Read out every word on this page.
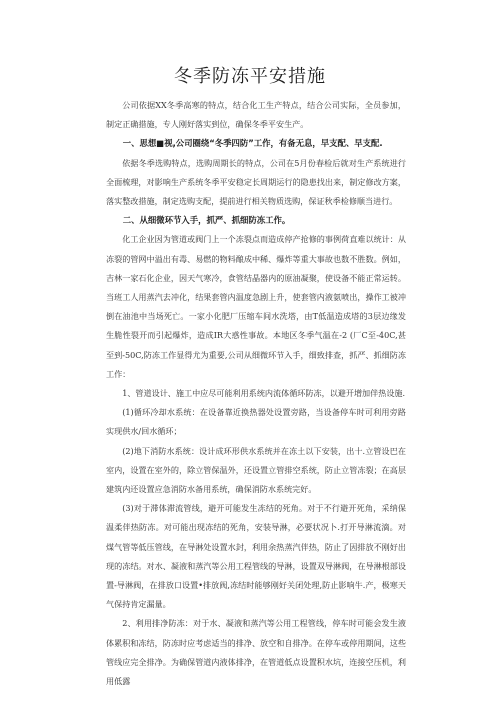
冬季防冻平安措施

公司依据XX冬季高寒的特点，结合化工生产特点，结合公司实际，全员参加，制定正确措施，专人刚好落实到位，确保冬季平安生产。

一、思想■视,公司圈绕“冬季四防”工作，有备无息，早支配、早支配.

依据冬季选购特点，选购周期长的特点，公司在5月份春检后就对生产系统进行全面梳理，对影响生产系统冬季平安稳定长周期运行的隐患找出来，制定修改方案，落实整改措施，制定选购支配，提前进行相关物质选购，保证秋季检修顺当进行。

二、从细微环节入手，抓严、抓细防冻工作。

化工企业因为管道或阀门上一个冻裂点而造成停产抢修的事例荷直难以统计：从冻裂的管网中溢出有毒、易燃的物料酿成中稀、爆炸等重大事故也数不胜数。例如，吉林一家石化企业，因天气寒冷，食管结晶器内的原油凝聚，使设备不能正常运转。当班工人用蒸汽去冲化，结果套管内温度急剧上升，使套管内液氨喷出，操作工被冲倒在油池中当场死亡。一家小化肥厂压缩车间水洗塔，由T低温造成塔的3层边缘发生脆性裂开而引起爆炸，造成IR大惑性事故。本地区冬季气温在-2 (厂C至-40C,甚至到-50C,防冻工作显得尤为重要,公司从细微环节入手，细致排查，抓严、抓细防冻工作：

1、管道设计、施工中应尽可能利用系统内流体循环防冻，以避开增加伴热设施.

(1)循环冷却水系统：在设备靠近换热器处设置旁路，当设备停车时可利用旁路实现供水/回水循环；

(2)地下消防水系统：设计成环形供水系统并在冻土以下安装，出十.立管设巴在室内，设置在室外的，除立管保温外，还设置立管排空系统，防止立管冻裂；在高层建筑内还设置应急消防水备用系统，确保消防水系统完好。

(3)对于滞体滞流管线，避开可能发生冻结的死角。对于不行避开死角，采纳保温柔伴热防冻。对可能出现冻结的死角，安装导淋，必要状况卜.打开导淋流滴。对煤气管等低压管线，在导淋处设置水封，利用余热蒸汽伴热，防止了因排放不刚好出现的冻结。对水、凝液和蒸汽等公用工程管线的导淋，设置双导淋阀，在导淋根部设置-导淋阀，在排放口设置•排放阀,冻结时能够刚好关闭处理,防止影响牛.产，极寒天气保持肯定漏量。

2、利用排净防冻：对于水、凝液和蒸汽等公用工程管线，停车时可能会发生液体累积和冻结，防冻时应考虑适当的排净、放空和自排净。在停车或停用期间，这些管线应完全排净。为确保管道内液体排净，在管道低点设置积水坑，连接空压机，利用低露
